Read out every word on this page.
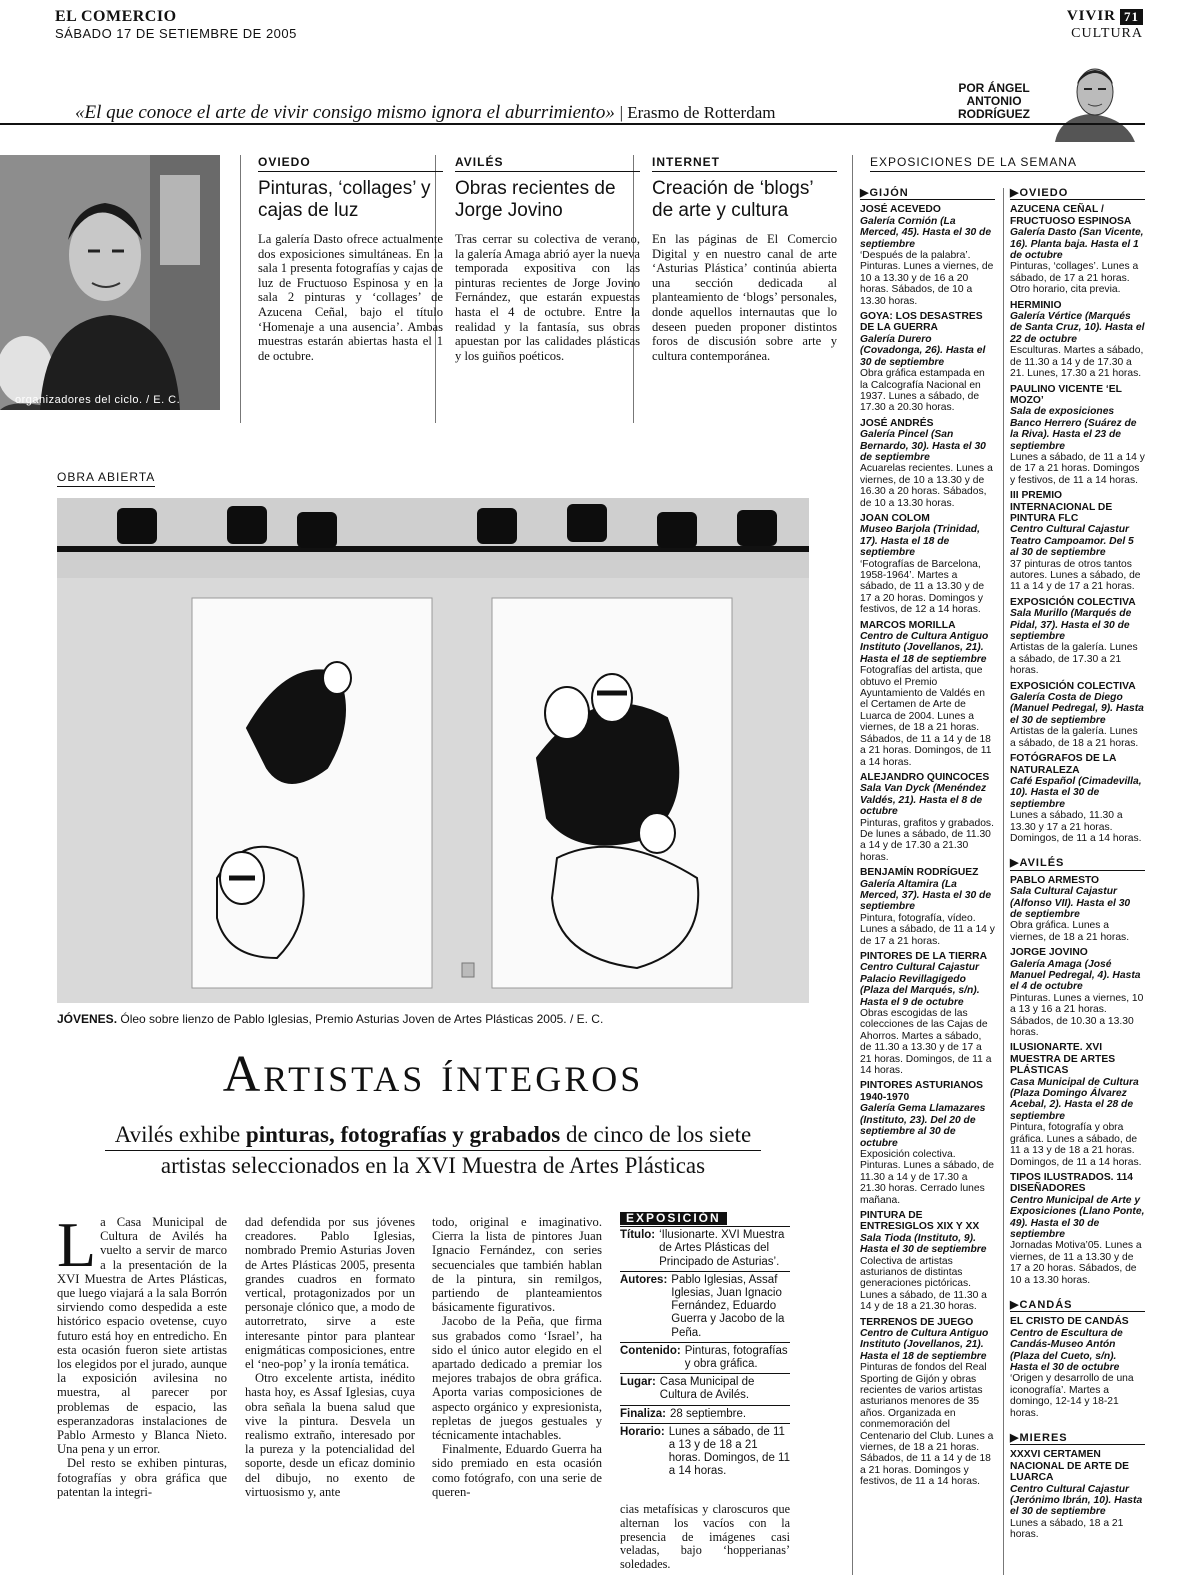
EL COMERCIO
SÁBADO 17 DE SETIEMBRE DE 2005
VIVIR 71
CULTURA
«El que conoce el arte de vivir consigo mismo ignora el aburrimiento» | Erasmo de Rotterdam
POR ÁNGEL ANTONIO RODRÍGUEZ
organizadores del ciclo. / E. C.
OVIEDO
Pinturas, ‘collages’ y cajas de luz
La galería Dasto ofrece actualmente dos exposiciones simultáneas. En la sala 1 presenta fotografías y cajas de luz de Fructuoso Espinosa y en la sala 2 pinturas y ‘collages’ de Azucena Ceñal, bajo el título ‘Homenaje a una ausencia’. Ambas muestras estarán abiertas hasta el 1 de octubre.
AVILÉS
Obras recientes de Jorge Jovino
Tras cerrar su colectiva de verano, la galería Amaga abrió ayer la nueva temporada expositiva con las pinturas recientes de Jorge Jovino Fernández, que estarán expuestas hasta el 4 de octubre. Entre la realidad y la fantasía, sus obras apuestan por las calidades plásticas y los guiños poéticos.
INTERNET
Creación de ‘blogs’ de arte y cultura
En las páginas de El Comercio Digital y en nuestro canal de arte ‘Asturias Plástica’ continúa abierta una sección dedicada al planteamiento de ‘blogs’ personales, donde aquellos internautas que lo deseen pueden proponer distintos foros de discusión sobre arte y cultura contemporánea.
OBRA ABIERTA
JÓVENES. Óleo sobre lienzo de Pablo Iglesias, Premio Asturias Joven de Artes Plásticas 2005. / E. C.
Artistas íntegros
Avilés exhibe pinturas, fotografías y grabados de cinco de los siete
artistas seleccionados en la XVI Muestra de Artes Plásticas
L a Casa Municipal de Cultura de Avilés ha vuelto a servir de marco a la presentación de la XVI Muestra de Artes Plásticas, que luego viajará a la sala Borrón sirviendo como despedida a este histórico espacio ovetense, cuyo futuro está hoy en entredicho. En esta ocasión fueron siete artistas los elegidos por el jurado, aunque la exposición avilesina no muestra, al parecer por problemas de espacio, las esperanzadoras instalaciones de Pablo Armesto y Blanca Nieto. Una pena y un error.

Del resto se exhiben pinturas, fotografías y obra gráfica que patentan la integri-

dad defendida por sus jóvenes creadores. Pablo Iglesias, nombrado Premio Asturias Joven de Artes Plásticas 2005, presenta grandes cuadros en formato vertical, protagonizados por un personaje clónico que, a modo de autorretrato, sirve a este interesante pintor para plantear enigmáticas composiciones, entre el ‘neo-pop’ y la ironía temática.

Otro excelente artista, inédito hasta hoy, es Assaf Iglesias, cuya obra señala la buena salud que vive la pintura. Desvela un realismo extraño, interesado por la pureza y la potencialidad del soporte, desde un eficaz dominio del dibujo, no exento de virtuosismo y, ante

todo, original e imaginativo. Cierra la lista de pintores Juan Ignacio Fernández, con series secuenciales que también hablan de la pintura, sin remilgos, partiendo de planteamientos básicamente figurativos.

Jacobo de la Peña, que firma sus grabados como ‘Israel’, ha sido el único autor elegido en el apartado dedicado a premiar los mejores trabajos de obra gráfica. Aporta varias composiciones de aspecto orgánico y expresionista, repletas de juegos gestuales y técnicamente intachables.

Finalmente, Eduardo Guerra ha sido premiado en esta ocasión como fotógrafo, con una serie de queren-

cias metafísicas y claroscuros que alternan los vacíos con la presencia de imágenes casi veladas, bajo ‘hopperianas’ soledades.
EXPOSICIÓN
Título: ‘Ilusionarte. XVI Muestra de Artes Plásticas del Principado de Asturias’.
Autores: Pablo Iglesias, Assaf Iglesias, Juan Ignacio Fernández, Eduardo Guerra y Jacobo de la Peña.
Contenido: Pinturas, fotografías y obra gráfica.
Lugar: Casa Municipal de Cultura de Avilés.
Finaliza: 28 septiembre.
Horario: Lunes a sábado, de 11 a 13 y de 18 a 21 horas. Domingos, de 11 a 14 horas.
EXPOSICIONES DE LA SEMANA
▶GIJÓN
JOSÉ ACEVEDO
Galería Cornión (La Merced, 45). Hasta el 30 de septiembre
‘Después de la palabra’. Pinturas. Lunes a viernes, de 10 a 13.30 y de 16 a 20 horas. Sábados, de 10 a 13.30 horas.
GOYA: LOS DESASTRES DE LA GUERRA
Galería Durero (Covadonga, 26). Hasta el 30 de septiembre
Obra gráfica estampada en la Calcografía Nacional en 1937. Lunes a sábado, de 17.30 a 20.30 horas.
JOSÉ ANDRÉS
Galería Pincel (San Bernardo, 30). Hasta el 30 de septiembre
Acuarelas recientes. Lunes a viernes, de 10 a 13.30 y de 16.30 a 20 horas. Sábados, de 10 a 13.30 horas.
JOAN COLOM
Museo Barjola (Trinidad, 17). Hasta el 18 de septiembre
‘Fotografías de Barcelona, 1958-1964’. Martes a sábado, de 11 a 13.30 y de 17 a 20 horas. Domingos y festivos, de 12 a 14 horas.
MARCOS MORILLA
Centro de Cultura Antiguo Instituto (Jovellanos, 21). Hasta el 18 de septiembre
Fotografías del artista, que obtuvo el Premio Ayuntamiento de Valdés en el Certamen de Arte de Luarca de 2004. Lunes a viernes, de 18 a 21 horas. Sábados, de 11 a 14 y de 18 a 21 horas. Domingos, de 11 a 14 horas.
ALEJANDRO QUINCOCES
Sala Van Dyck (Menéndez Valdés, 21). Hasta el 8 de octubre
Pinturas, grafitos y grabados. De lunes a sábado, de 11.30 a 14 y de 17.30 a 21.30 horas.
BENJAMÍN RODRÍGUEZ
Galería Altamira (La Merced, 37). Hasta el 30 de septiembre
Pintura, fotografía, vídeo. Lunes a sábado, de 11 a 14 y de 17 a 21 horas.
PINTORES DE LA TIERRA
Centro Cultural Cajastur Palacio Revillagigedo (Plaza del Marqués, s/n). Hasta el 9 de octubre
Obras escogidas de las colecciones de las Cajas de Ahorros. Martes a sábado, de 11.30 a 13.30 y de 17 a 21 horas. Domingos, de 11 a 14 horas.
PINTORES ASTURIANOS 1940-1970
Galería Gema Llamazares (Instituto, 23). Del 20 de septiembre al 30 de octubre
Exposición colectiva. Pinturas. Lunes a sábado, de 11.30 a 14 y de 17.30 a 21.30 horas. Cerrado lunes mañana.
PINTURA DE ENTRESIGLOS XIX Y XX
Sala Tioda (Instituto, 9). Hasta el 30 de septiembre
Colectiva de artistas asturianos de distintas generaciones pictóricas. Lunes a sábado, de 11.30 a 14 y de 18 a 21.30 horas.
TERRENOS DE JUEGO
Centro de Cultura Antiguo Instituto (Jovellanos, 21). Hasta el 18 de septiembre
Pinturas de fondos del Real Sporting de Gijón y obras recientes de varios artistas asturianos menores de 35 años. Organizada en conmemoración del Centenario del Club. Lunes a viernes, de 18 a 21 horas. Sábados, de 11 a 14 y de 18 a 21 horas. Domingos y festivos, de 11 a 14 horas.
▶OVIEDO
AZUCENA CEÑAL / FRUCTUOSO ESPINOSA
Galería Dasto (San Vicente, 16). Planta baja. Hasta el 1 de octubre
Pinturas, ‘collages’. Lunes a sábado, de 17 a 21 horas. Otro horario, cita previa.
HERMINIO
Galería Vértice (Marqués de Santa Cruz, 10). Hasta el 22 de octubre
Esculturas. Martes a sábado, de 11.30 a 14 y de 17.30 a 21. Lunes, 17.30 a 21 horas.
PAULINO VICENTE ‘EL MOZO’
Sala de exposiciones Banco Herrero (Suárez de la Riva). Hasta el 23 de septiembre
Lunes a sábado, de 11 a 14 y de 17 a 21 horas. Domingos y festivos, de 11 a 14 horas.
III PREMIO INTERNACIONAL DE PINTURA FLC
Centro Cultural Cajastur Teatro Campoamor. Del 5 al 30 de septiembre
37 pinturas de otros tantos autores. Lunes a sábado, de 11 a 14 y de 17 a 21 horas.
EXPOSICIÓN COLECTIVA
Sala Murillo (Marqués de Pidal, 37). Hasta el 30 de septiembre
Artistas de la galería. Lunes a sábado, de 17.30 a 21 horas.
EXPOSICIÓN COLECTIVA
Galería Costa de Diego (Manuel Pedregal, 9). Hasta el 30 de septiembre
Artistas de la galería. Lunes a sábado, de 18 a 21 horas.
FOTÓGRAFOS DE LA NATURALEZA
Café Español (Cimadevilla, 10). Hasta el 30 de septiembre
Lunes a sábado, 11.30 a 13.30 y 17 a 21 horas. Domingos, de 11 a 14 horas.
▶AVILÉS
PABLO ARMESTO
Sala Cultural Cajastur (Alfonso VII). Hasta el 30 de septiembre
Obra gráfica. Lunes a viernes, de 18 a 21 horas.
JORGE JOVINO
Galería Amaga (José Manuel Pedregal, 4). Hasta el 4 de octubre
Pinturas. Lunes a viernes, 10 a 13 y 16 a 21 horas. Sábados, de 10.30 a 13.30 horas.
ILUSIONARTE. XVI MUESTRA DE ARTES PLÁSTICAS
Casa Municipal de Cultura (Plaza Domingo Álvarez Acebal, 2). Hasta el 28 de septiembre
Pintura, fotografía y obra gráfica. Lunes a sábado, de 11 a 13 y de 18 a 21 horas. Domingos, de 11 a 14 horas.
TIPOS ILUSTRADOS. 114 DISEÑADORES
Centro Municipal de Arte y Exposiciones (Llano Ponte, 49). Hasta el 30 de septiembre
Jornadas Motiva’05. Lunes a viernes, de 11 a 13.30 y de 17 a 20 horas. Sábados, de 10 a 13.30 horas.
▶CANDÁS
EL CRISTO DE CANDÁS
Centro de Escultura de Candás-Museo Antón (Plaza del Cueto, s/n). Hasta el 30 de octubre
‘Origen y desarrollo de una iconografía’. Martes a domingo, 12-14 y 18-21 horas.
▶MIERES
XXXVI CERTAMEN NACIONAL DE ARTE DE LUARCA
Centro Cultural Cajastur (Jerónimo Ibrán, 10). Hasta el 30 de septiembre
Lunes a sábado, 18 a 21 horas.
